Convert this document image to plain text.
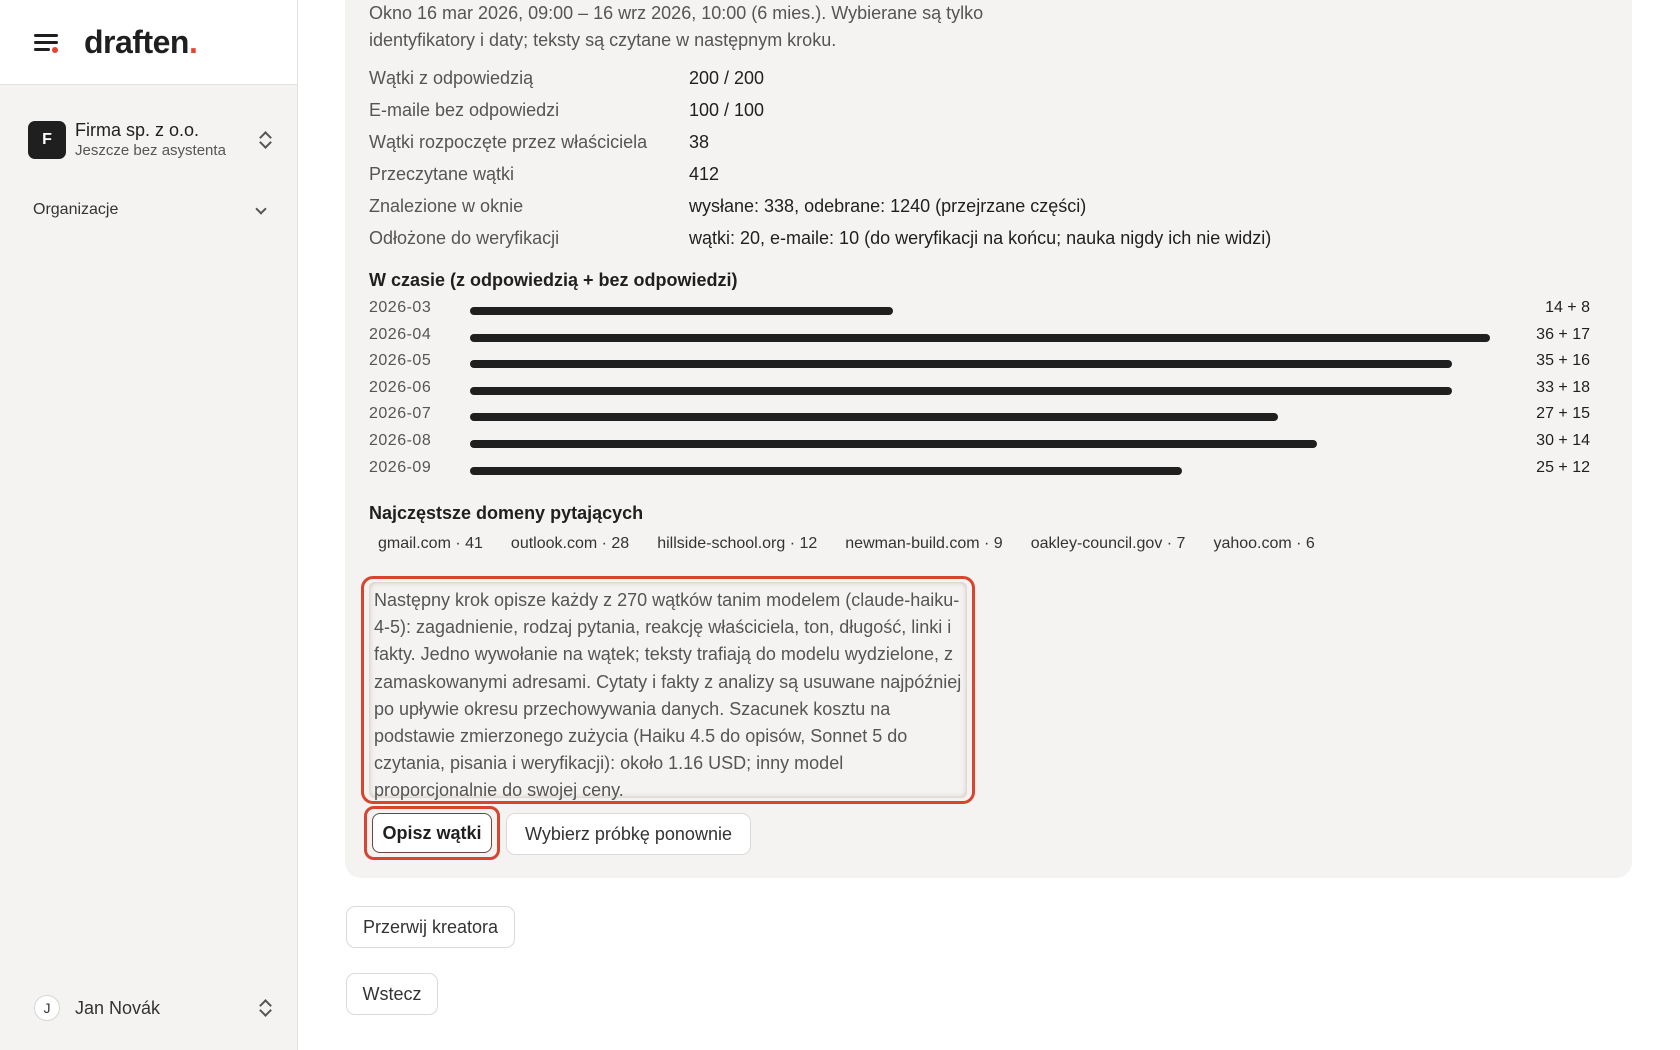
draften.
F	Firma sp. z o.o.
Jeszcze bez asystenta
Organizacje
J	Jan Novák

Okno 16 mar 2026, 09:00 – 16 wrz 2026, 10:00 (6 mies.). Wybierane są tylko identyfikatory i daty; teksty są czytane w następnym kroku.

Wątki z odpowiedzią	200 / 200
E-maile bez odpowiedzi	100 / 100
Wątki rozpoczęte przez właściciela	38
Przeczytane wątki	412
Znalezione w oknie	wysłane: 338, odebrane: 1240 (przejrzane części)
Odłożone do weryfikacji	wątki: 20, e-maile: 10 (do weryfikacji na końcu; nauka nigdy ich nie widzi)
W czasie (z odpowiedzią + bez odpowiedzi)
2026-03	14 + 8
2026-04	36 + 17
2026-05	35 + 16
2026-06	33 + 18
2026-07	27 + 15
2026-08	30 + 14
2026-09	25 + 12
Najczęstsze domeny pytających
gmail.com · 41 outlook.com · 28 hillside-school.org · 12 newman-build.com · 9 oakley-council.gov · 7 yahoo.com · 6
Następny krok opisze każdy z 270 wątków tanim modelem (claude-haiku-4-5): zagadnienie, rodzaj pytania, reakcję właściciela, ton, długość, linki i fakty. Jedno wywołanie na wątek; teksty trafiają do modelu wydzielone, z zamaskowanymi adresami. Cytaty i fakty z analizy są usuwane najpóźniej po upływie okresu przechowywania danych. Szacunek kosztu na podstawie zmierzonego zużycia (Haiku 4.5 do opisów, Sonnet 5 do czytania, pisania i weryfikacji): około 1.16 USD; inny model proporcjonalnie do swojej ceny.
Opisz wątki	Wybierz próbkę ponownie
Przerwij kreatora
Wstecz
